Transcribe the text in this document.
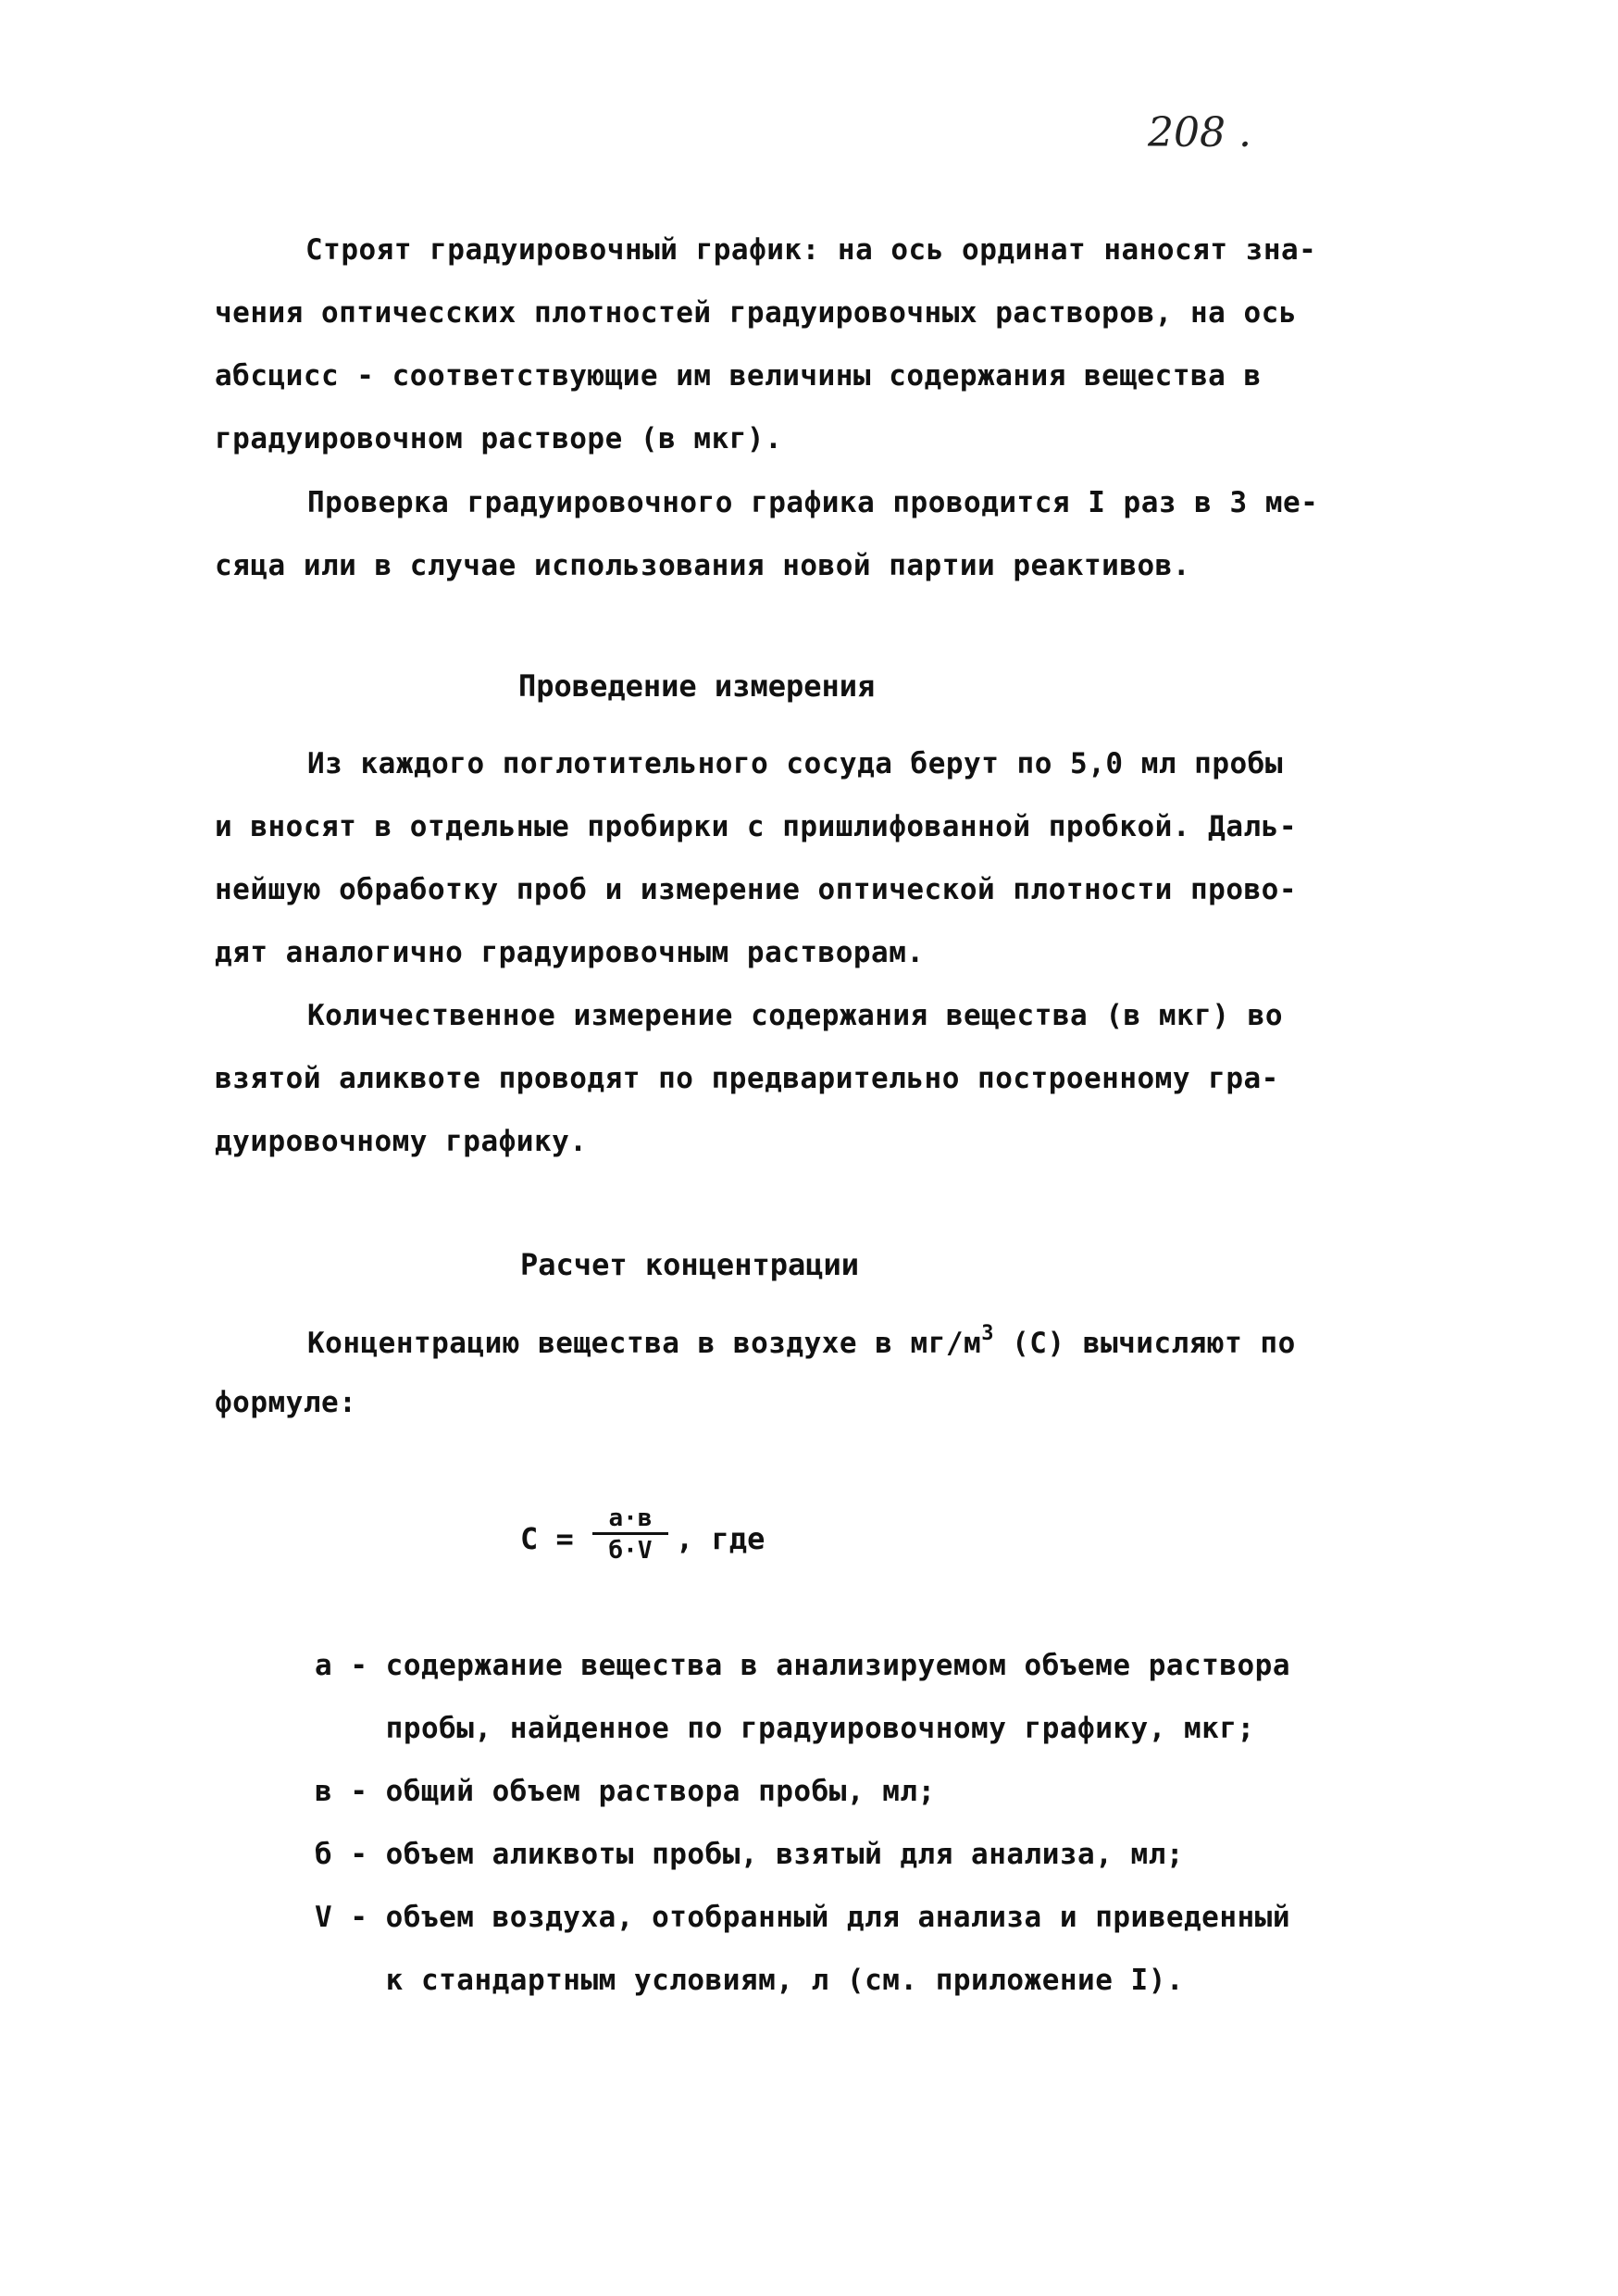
208 .
Строят градуировочный график: на ось ординат наносят зна-
чения оптичесских плотностей градуировочных растворов, на ось
абсцисс - соответствующие им величины содержания вещества в
градуировочном растворе (в мкг).
Проверка градуировочного графика проводится I раз в 3 ме-
сяца или в случае использования новой партии реактивов.
Проведение измерения
Из каждого поглотительного сосуда берут по 5,0 мл пробы
и вносят в отдельные пробирки с пришлифованной пробкой. Даль-
нейшую обработку проб и измерение оптической плотности прово-
дят аналогично градуировочным растворам.
Количественное измерение содержания вещества (в мкг) во
взятой аликвоте проводят по предварительно построенному гра-
дуировочному графику.
Расчет концентрации
Концентрацию вещества в воздухе в $мг/м^3$ (С) вычисляют по
формуле:
С =
а·в
б·V , где
а - содержание вещества в анализируемом объеме раствора
пробы, найденное по градуировочному графику, мкг;
в - общий объем раствора пробы, мл;
б - объем аликвоты пробы, взятый для анализа, мл;
V - объем воздуха, отобранный для анализа и приведенный
к стандартным условиям, л (см. приложение I).
